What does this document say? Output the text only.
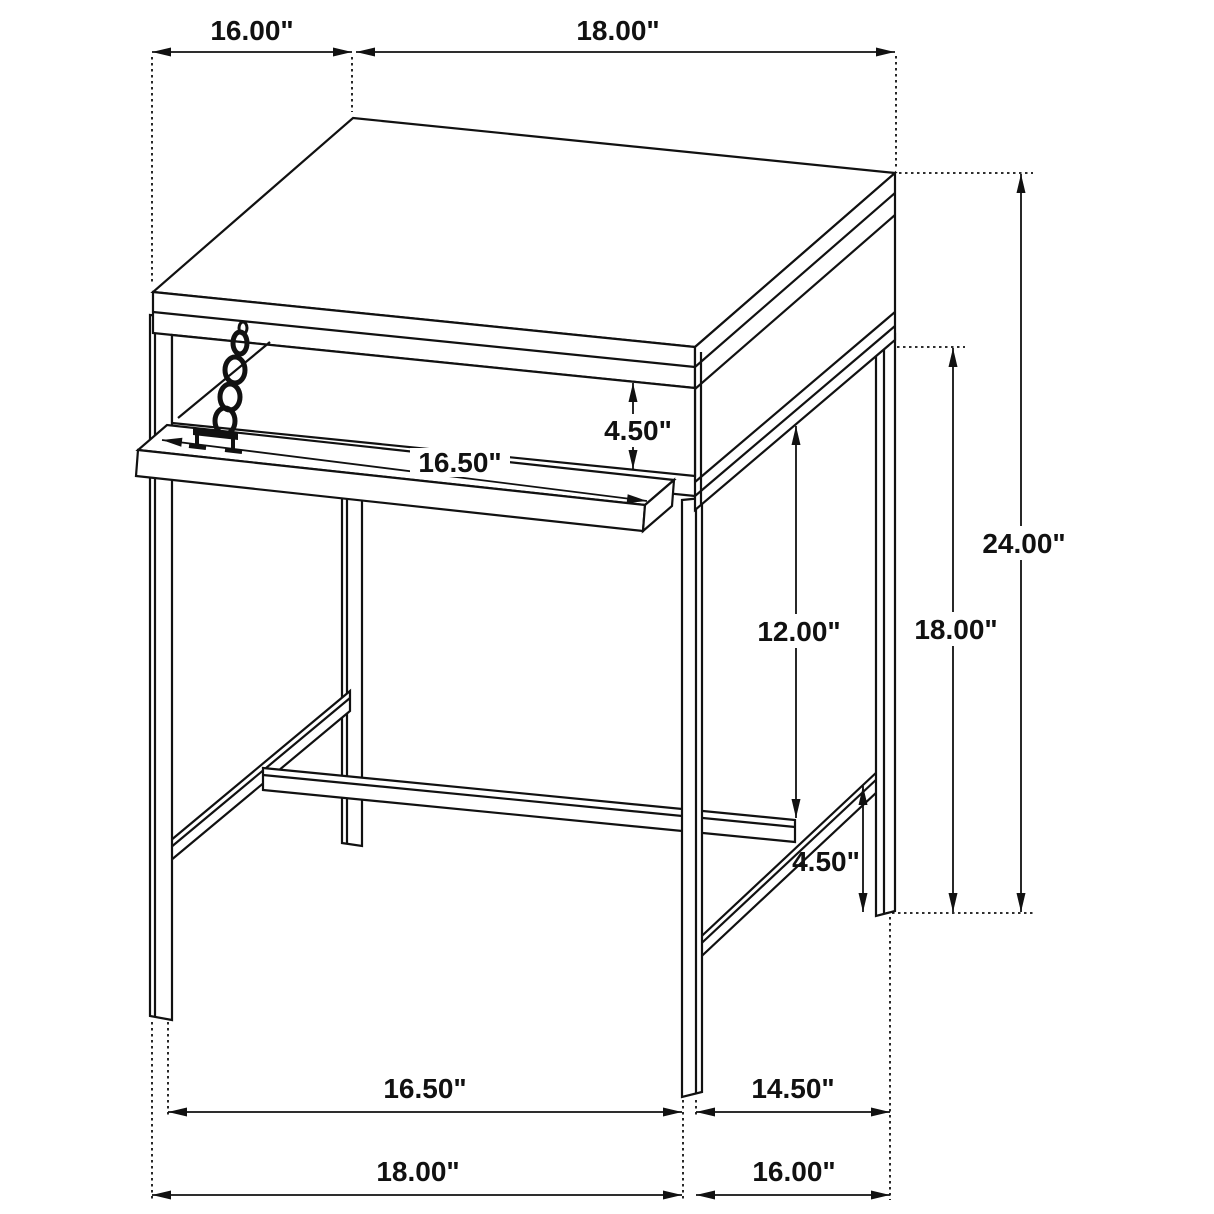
16.00"	18.00"
24.00"
18.00"
12.00"
4.50"
16.50"
4.50"
16.50"	14.50"
18.00"	16.00"
